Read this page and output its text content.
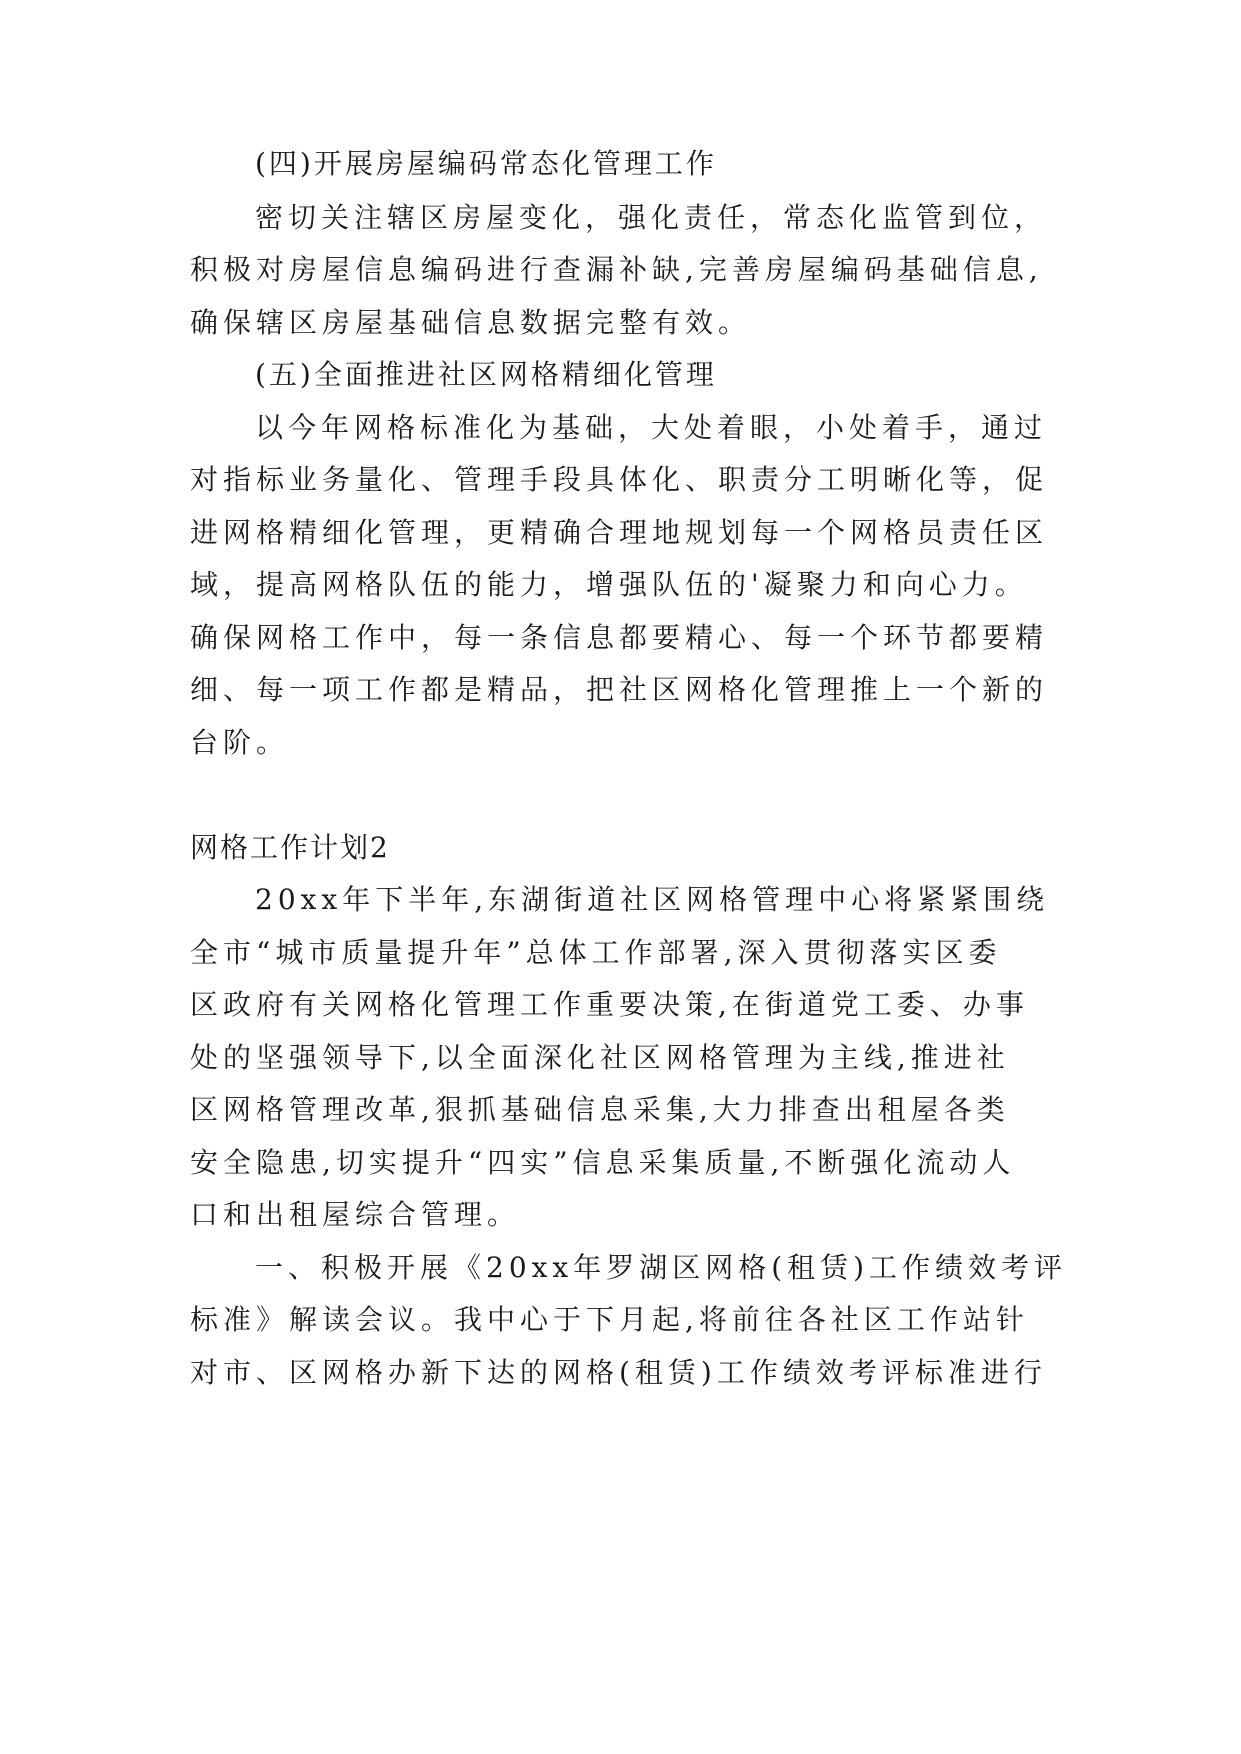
(四)开展房屋编码常态化管理工作
密切关注辖区房屋变化，强化责任，常态化监管到位，
积极对房屋信息编码进行查漏补缺,完善房屋编码基础信息,
确保辖区房屋基础信息数据完整有效。
(五)全面推进社区网格精细化管理
以今年网格标准化为基础，大处着眼，小处着手，通过
对指标业务量化、管理手段具体化、职责分工明晰化等，促
进网格精细化管理，更精确合理地规划每一个网格员责任区
域，提高网格队伍的能力，增强队伍的'凝聚力和向心力。
确保网格工作中，每一条信息都要精心、每一个环节都要精
细、每一项工作都是精品，把社区网格化管理推上一个新的
台阶。
网格工作计划2
20xx年下半年,东湖街道社区网格管理中心将紧紧围绕
全市“城市质量提升年”总体工作部署,深入贯彻落实区委
区政府有关网格化管理工作重要决策,在街道党工委、办事
处的坚强领导下,以全面深化社区网格管理为主线,推进社
区网格管理改革,狠抓基础信息采集,大力排查出租屋各类
安全隐患,切实提升“四实”信息采集质量,不断强化流动人
口和出租屋综合管理。
一、积极开展《20xx年罗湖区网格(租赁)工作绩效考评
标准》解读会议。我中心于下月起,将前往各社区工作站针
对市、区网格办新下达的网格(租赁)工作绩效考评标准进行
